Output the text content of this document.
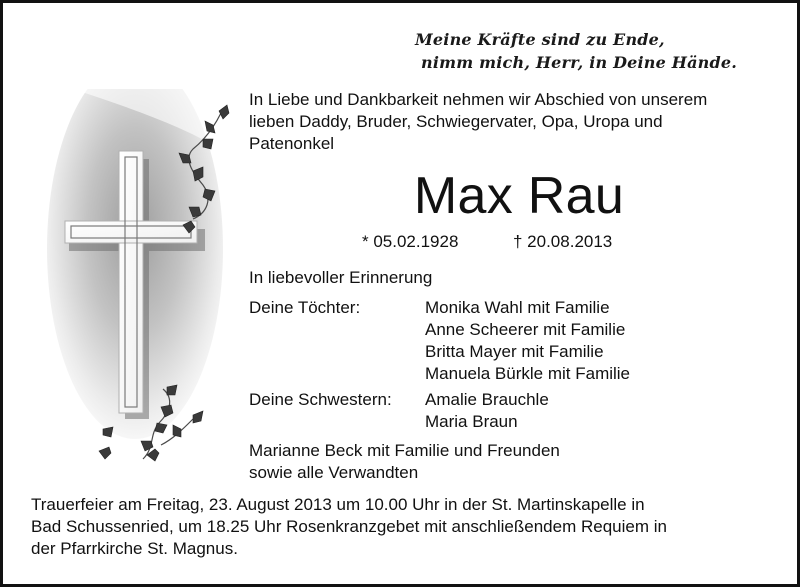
Meine Kräfte sind zu Ende,
nimm mich, Herr, in Deine Hände.
In Liebe und Dankbarkeit nehmen wir Abschied von unserem
lieben Daddy, Bruder, Schwiegervater, Opa, Uropa und
Patenonkel
Max Rau
* 05.02.1928	† 20.08.2013
In liebevoller Erinnerung
Deine Töchter:	Monika Wahl mit Familie
Anne Scheerer mit Familie
Britta Mayer mit Familie
Manuela Bürkle mit Familie
Deine Schwestern: Amalie Brauchle
Maria Braun
Marianne Beck mit Familie und Freunden
sowie alle Verwandten
Trauerfeier am Freitag, 23. August 2013 um 10.00 Uhr in der St. Martinskapelle in
Bad Schussenried, um 18.25 Uhr Rosenkranzgebet mit anschließendem Requiem in
der Pfarrkirche St. Magnus.
